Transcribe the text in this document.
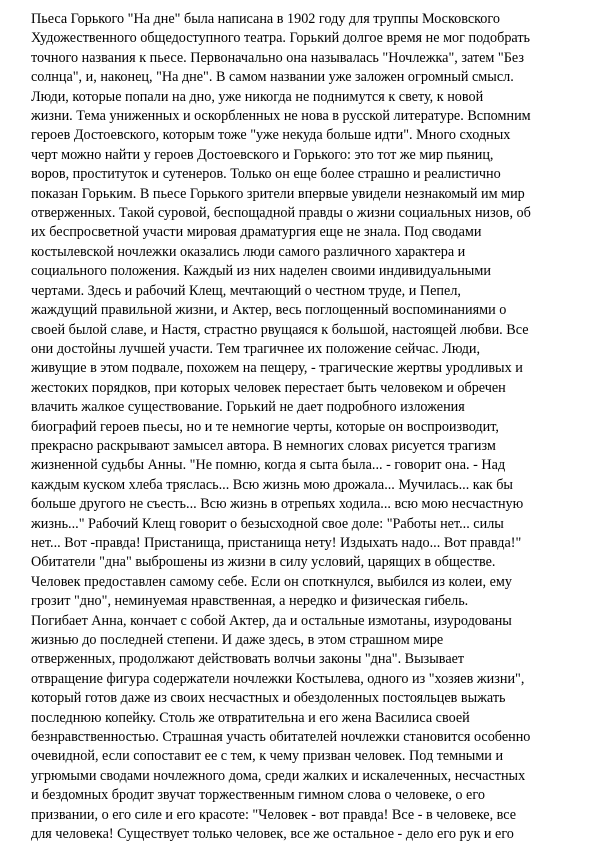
Пьеса Горького "На дне" была написана в 1902 году для труппы Московского
Художественного общедоступного театра. Горький долгое время не мог подобрать
точного названия к пьесе. Первоначально она называлась "Ночлежка", затем "Без
солнца", и, наконец, "На дне". В самом названии уже заложен огромный смысл.
Люди, которые попали на дно, уже никогда не поднимутся к свету, к новой
жизни. Тема униженных и оскорбленных не нова в русской литературе. Вспомним
героев Достоевского, которым тоже "уже некуда больше идти". Много сходных
черт можно найти у героев Достоевского и Горького: это тот же мир пьяниц,
воров, проституток и сутенеров. Только он еще более страшно и реалистично
показан Горьким. В пьесе Горького зрители впервые увидели незнакомый им мир
отверженных. Такой суровой, беспощадной правды о жизни социальных низов, об
их беспросветной участи мировая драматургия еще не знала. Под сводами
костылевской ночлежки оказались люди самого различного характера и
социального положения. Каждый из них наделен своими индивидуальными
чертами. Здесь и рабочий Клещ, мечтающий о честном труде, и Пепел,
жаждущий правильной жизни, и Актер, весь поглощенный воспоминаниями о
своей былой славе, и Настя, страстно рвущаяся к большой, настоящей любви. Все
они достойны лучшей участи. Тем трагичнее их положение сейчас. Люди,
живущие в этом подвале, похожем на пещеру, - трагические жертвы уродливых и
жестоких порядков, при которых человек перестает быть человеком и обречен
влачить жалкое существование. Горький не дает подробного изложения
биографий героев пьесы, но и те немногие черты, которые он воспроизводит,
прекрасно раскрывают замысел автора. В немногих словах рисуется трагизм
жизненной судьбы Анны. "Не помню, когда я сыта была... - говорит она. - Над
каждым куском хлеба тряслась... Всю жизнь мою дрожала... Мучилась... как бы
больше другого не съесть... Всю жизнь в отрепьях ходила... всю мою несчастную
жизнь..." Рабочий Клещ говорит о безысходной свое доле: "Работы нет... силы
нет... Вот -правда! Пристанища, пристанища нету! Издыхать надо... Вот правда!"
Обитатели "дна" выброшены из жизни в силу условий, царящих в обществе.
Человек предоставлен самому себе. Если он споткнулся, выбился из колеи, ему
грозит "дно", неминуемая нравственная, а нередко и физическая гибель.
Погибает Анна, кончает с собой Актер, да и остальные измотаны, изуродованы
жизнью до последней степени. И даже здесь, в этом страшном мире
отверженных, продолжают действовать волчьи законы "дна". Вызывает
отвращение фигура содержатели ночлежки Костылева, одного из "хозяев жизни",
который готов даже из своих несчастных и обездоленных постояльцев выжать
последнюю копейку. Столь же отвратительна и его жена Василиса своей
безнравственностью. Страшная участь обитателей ночлежки становится особенно
очевидной, если сопоставит ее с тем, к чему призван человек. Под темными и
угрюмыми сводами ночлежного дома, среди жалких и искалеченных, несчастных
и бездомных бродит звучат торжественным гимном слова о человеке, о его
призвании, о его силе и его красоте: "Человек - вот правда! Все - в человеке, все
для человека! Существует только человек, все же остальное - дело его рук и его
